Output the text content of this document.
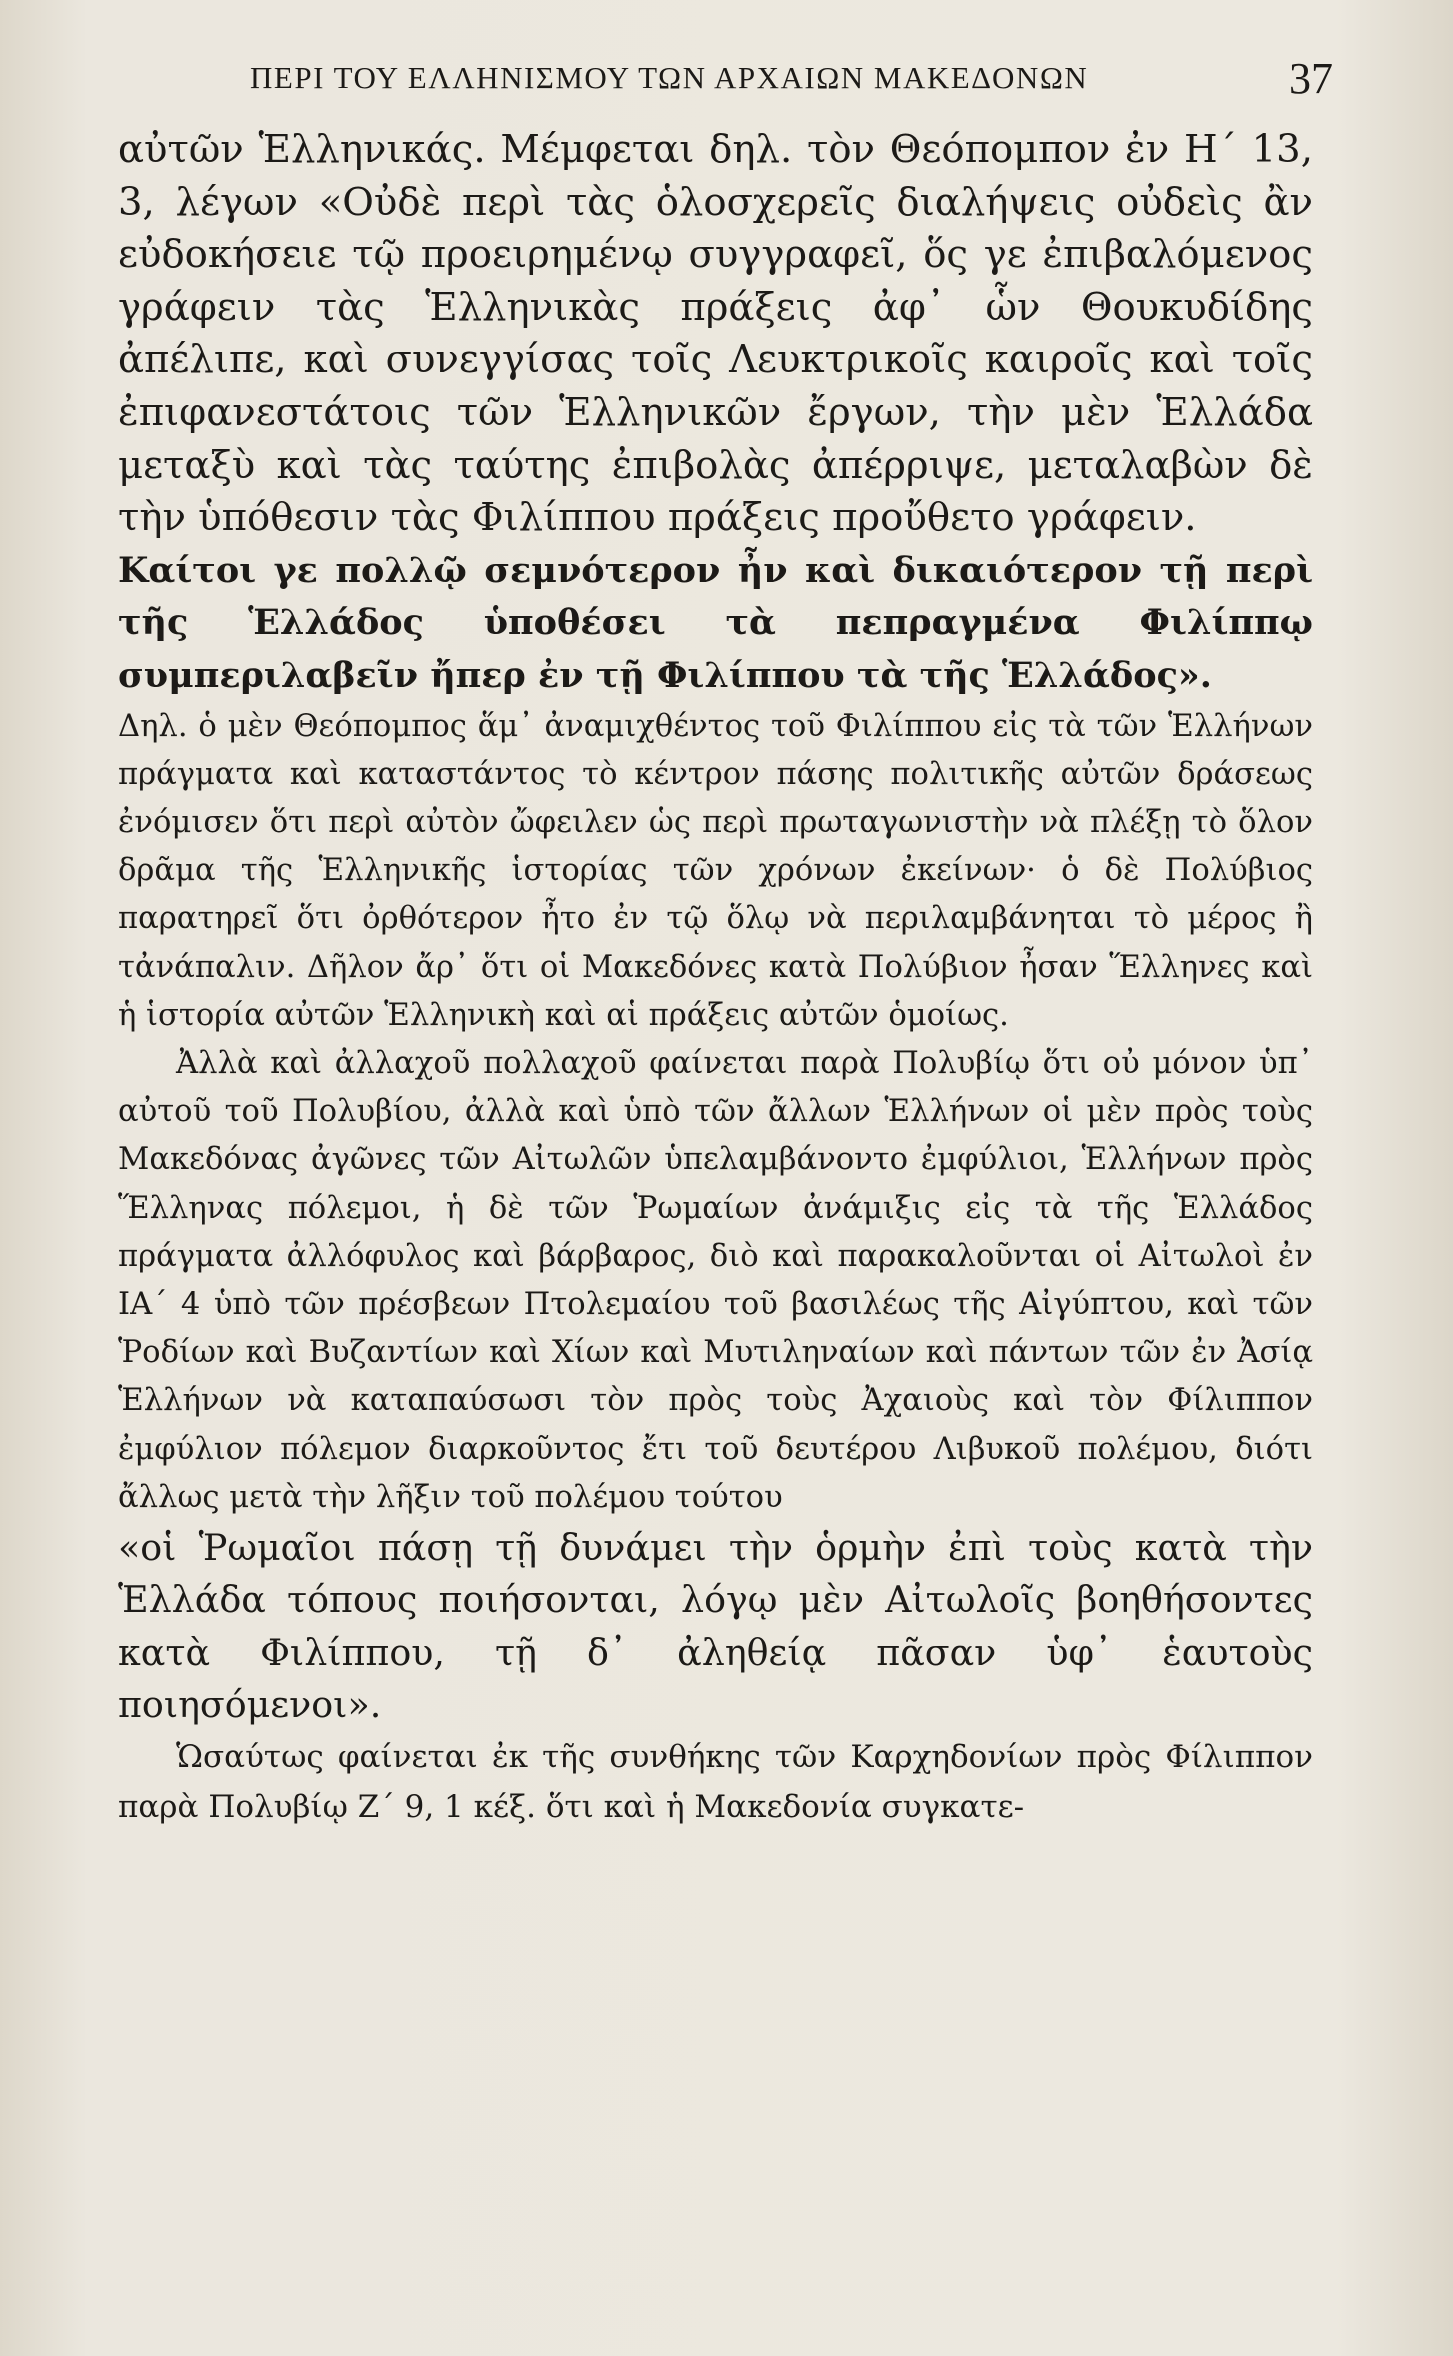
ΠΕΡΙ ΤΟΥ ΕΛΛΗΝΙΣΜΟΥ ΤΩΝ ΑΡΧΑΙΩΝ ΜΑΚΕΔΟΝΩΝ	37

αὐτῶν Ἑλληνικάς. Μέμφεται δηλ. τὸν Θεόπομπον ἐν Η΄ 13, 3, λέγων «Οὐδὲ περὶ τὰς ὁλοσχερεῖς διαλήψεις οὐδεὶς ἂν εὐδοκήσειε τῷ προειρημένῳ συγγραφεῖ, ὅς γε ἐπιβαλόμενος γράφειν τὰς Ἑλληνικὰς πράξεις ἀφ᾽ ὧν Θουκυδίδης ἀπέλιπε, καὶ συνεγγίσας τοῖς Λευκτρικοῖς καιροῖς καὶ τοῖς ἐπιφανεστάτοις τῶν Ἑλληνικῶν ἔργων, τὴν μὲν Ἑλλάδα μεταξὺ καὶ τὰς ταύτης ἐπιβολὰς ἀπέρριψε, μεταλαβὼν δὲ τὴν ὑπόθεσιν τὰς Φιλίππου πράξεις προὔθετο γράφειν.

Καίτοι γε πολλῷ σεμνότερον ἦν καὶ δικαιότερον τῇ περὶ τῆς Ἑλλάδος ὑποθέσει τὰ πεπραγμένα Φιλίππῳ συμπεριλαβεῖν ἤπερ ἐν τῇ Φιλίππου τὰ τῆς Ἑλλάδος».

Δηλ. ὁ μὲν Θεόπομπος ἅμ᾽ ἀναμιχθέντος τοῦ Φιλίππου εἰς τὰ τῶν Ἑλλήνων πράγματα καὶ καταστάντος τὸ κέντρον πάσης πολιτικῆς αὐτῶν δράσεως ἐνόμισεν ὅτι περὶ αὐτὸν ὤφειλεν ὡς περὶ πρωταγωνιστὴν νὰ πλέξῃ τὸ ὅλον δρᾶμα τῆς Ἑλληνικῆς ἱστορίας τῶν χρόνων ἐκείνων· ὁ δὲ Πολύβιος παρατηρεῖ ὅτι ὀρθότερον ἦτο ἐν τῷ ὅλῳ νὰ περιλαμβάνηται τὸ μέρος ἢ τἀνάπαλιν. Δῆλον ἄρ᾽ ὅτι οἱ Μακεδόνες κατὰ Πολύβιον ἦσαν Ἕλληνες καὶ ἡ ἱστορία αὐτῶν Ἑλληνικὴ καὶ αἱ πράξεις αὐτῶν ὁμοίως.

Ἀλλὰ καὶ ἀλλαχοῦ πολλαχοῦ φαίνεται παρὰ Πολυβίῳ ὅτι οὐ μόνον ὑπ᾽ αὐτοῦ τοῦ Πολυβίου, ἀλλὰ καὶ ὑπὸ τῶν ἄλλων Ἑλλήνων οἱ μὲν πρὸς τοὺς Μακεδόνας ἀγῶνες τῶν Αἰτωλῶν ὑπελαμβάνοντο ἐμφύλιοι, Ἑλλήνων πρὸς Ἕλληνας πόλεμοι, ἡ δὲ τῶν Ῥωμαίων ἀνάμιξις εἰς τὰ τῆς Ἑλλάδος πράγματα ἀλλόφυλος καὶ βάρβαρος, διὸ καὶ παρακαλοῦνται οἱ Αἰτωλοὶ ἐν ΙΑ΄ 4 ὑπὸ τῶν πρέσβεων Πτολεμαίου τοῦ βασιλέως τῆς Αἰγύπτου, καὶ τῶν Ῥοδίων καὶ Βυζαντίων καὶ Χίων καὶ Μυτιληναίων καὶ πάντων τῶν ἐν Ἀσίᾳ Ἑλλήνων νὰ καταπαύσωσι τὸν πρὸς τοὺς Ἀχαιοὺς καὶ τὸν Φίλιππον ἐμφύλιον πόλεμον διαρκοῦντος ἔτι τοῦ δευτέρου Λιβυκοῦ πολέμου, διότι ἄλλως μετὰ τὴν λῆξιν τοῦ πολέμου τούτου

«οἱ Ῥωμαῖοι πάσῃ τῇ δυνάμει τὴν ὁρμὴν ἐπὶ τοὺς κατὰ τὴν Ἑλλάδα τόπους ποιήσονται, λόγῳ μὲν Αἰτωλοῖς βοηθήσοντες κατὰ Φιλίππου, τῇ δ᾽ ἀληθείᾳ πᾶσαν ὑφ᾽ ἑαυτοὺς ποιησόμενοι».

Ὡσαύτως φαίνεται ἐκ τῆς συνθήκης τῶν Καρχηδονίων πρὸς Φίλιππον παρὰ Πολυβίῳ Ζ΄ 9, 1 κέξ. ὅτι καὶ ἡ Μακεδονία συγκατε-
